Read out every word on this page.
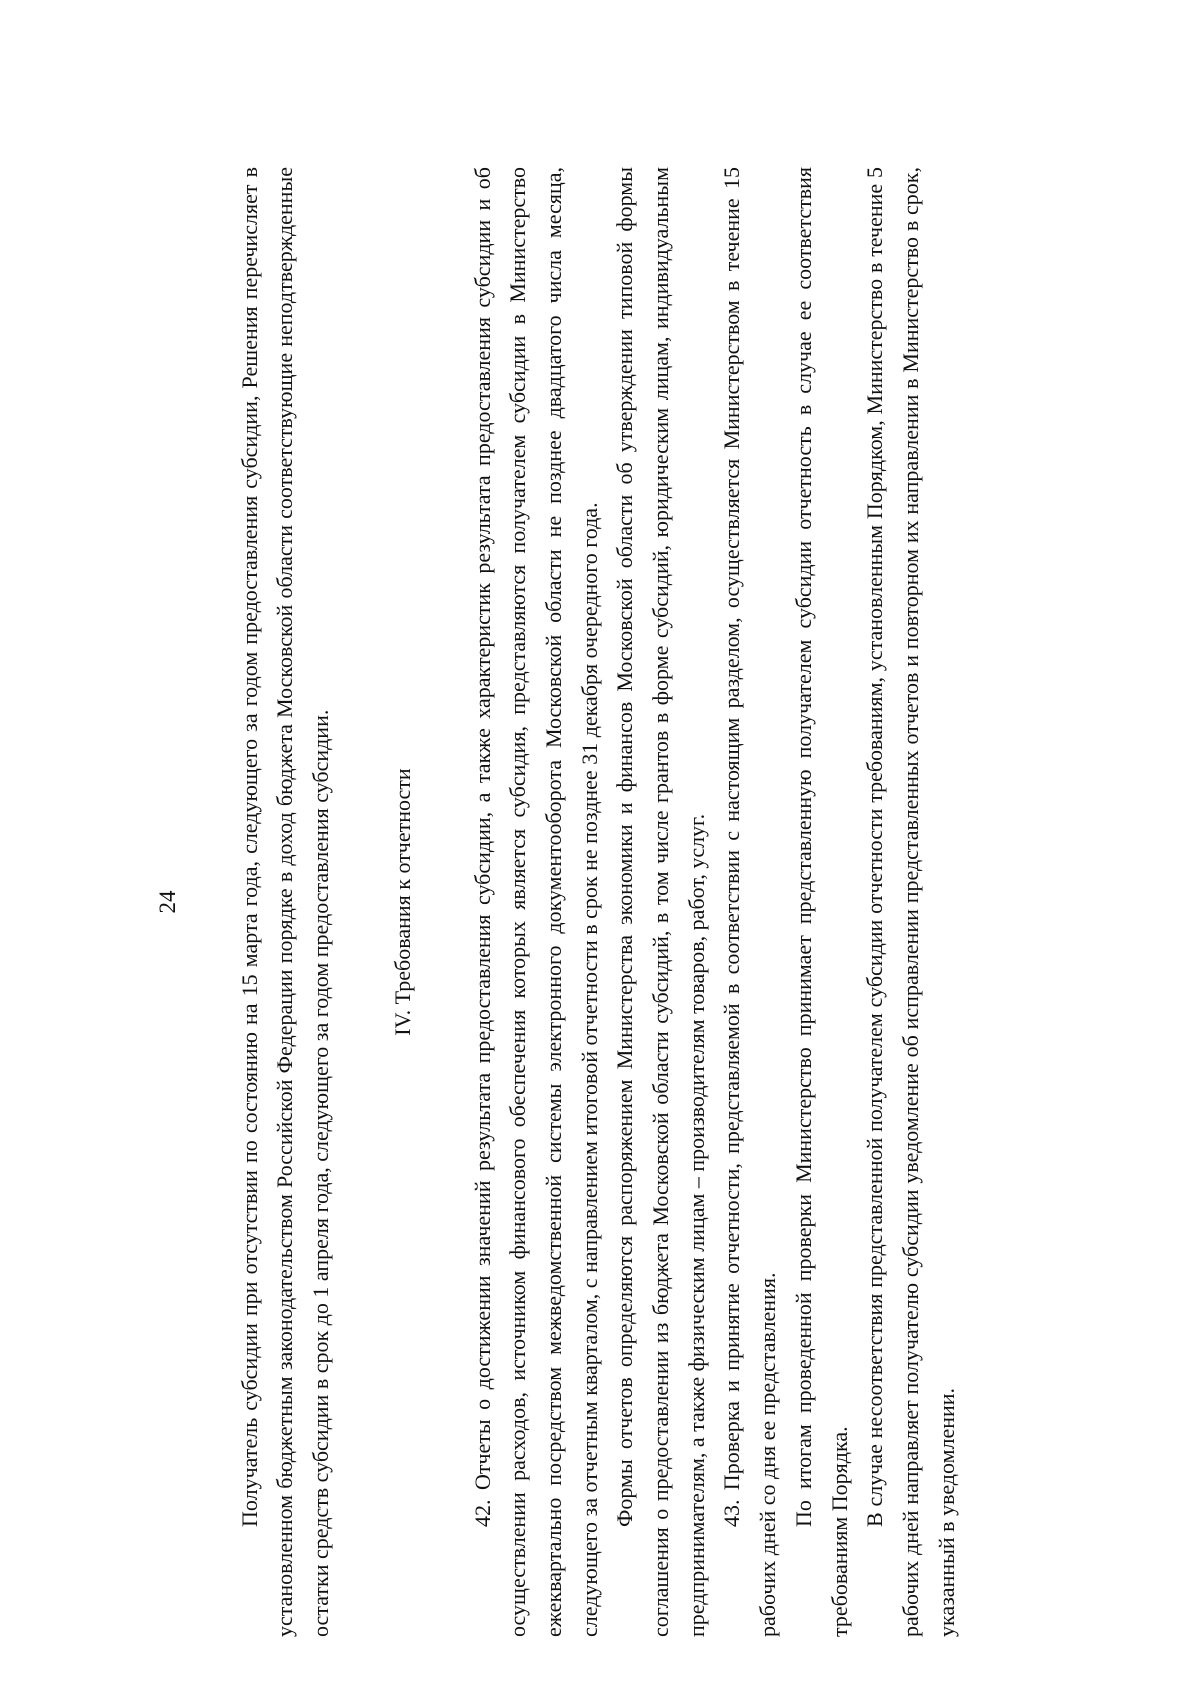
24	Получатель субсидии при отсутствии по состоянию на 15 марта года, следующего за годом предоставления субсидии, Решения перечисляет в установленном бюджетным законодательством Российской Федерации порядке в доход бюджета Московской области соответствующие неподтвержденные остатки средств субсидии в срок до 1 апреля года, следующего за годом предоставления субсидии.	IV. Требования к отчетности 42. Отчеты о достижении значений результата предоставления субсидии, а также характеристик результата предоставления субсидии и об осуществлении расходов, источником финансового обеспечения которых является субсидия, представляются получателем субсидии в Министерство ежеквартально посредством межведомственной системы электронного документооборота Московской области не позднее двадцатого числа месяца, следующего за отчетным кварталом, с направлением итоговой отчетности в срок не позднее 31 декабря очередного года. Формы отчетов определяются распоряжением Министерства экономики и финансов Московской области об утверждении типовой формы соглашения о предоставлении из бюджета Московской области субсидий, в том числе грантов в форме субсидий, юридическим лицам, индивидуальным предпринимателям, а также физическим лицам – производителям товаров, работ, услуг. 43. Проверка и принятие отчетности, представляемой в соответствии с настоящим разделом, осуществляется Министерством в течение 15 рабочих дней со дня ее представления. По итогам проведенной проверки Министерство принимает представленную получателем субсидии отчетность в случае ее соответствия требованиям Порядка.

В случае несоответствия представленной получателем субсидии отчетности требованиям, установленным Порядком, Министерство в течение 5 рабочих дней направляет получателю субсидии уведомление об исправлении представленных отчетов и повторном их направлении в Министерство в срок, указанный в уведомлении.
